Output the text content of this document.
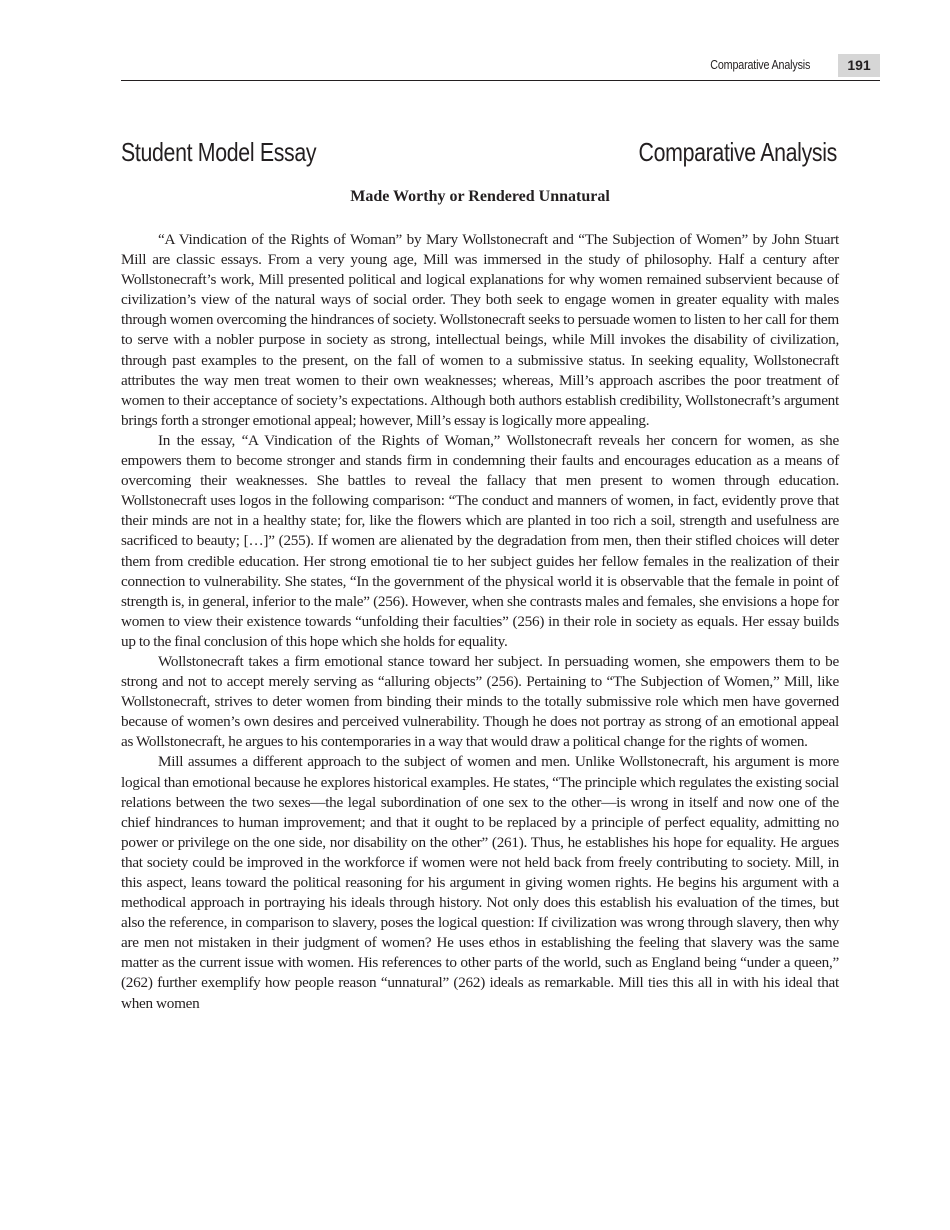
Comparative Analysis	191
Student Model Essay	Comparative Analysis
Made Worthy or Rendered Unnatural

“A Vindication of the Rights of Woman” by Mary Wollstonecraft and “The Subjection of Women” by John Stuart Mill are classic essays. From a very young age, Mill was immersed in the study of philosophy. Half a century after Wollstonecraft’s work, Mill presented political and logical explanations for why women remained subservient because of civilization’s view of the natural ways of social order. They both seek to engage women in greater equality with males through women overcoming the hindrances of society. Wollstonecraft seeks to persuade women to listen to her call for them to serve with a nobler purpose in society as strong, intellectual beings, while Mill invokes the disability of civilization, through past examples to the present, on the fall of women to a submissive status. In seeking equality, Wollstonecraft attributes the way men treat women to their own weaknesses; whereas, Mill’s approach ascribes the poor treatment of women to their acceptance of society’s expectations. Although both authors establish credibility, Wollstonecraft’s argument brings forth a stronger emotional appeal; however, Mill’s essay is logically more appealing.

In the essay, “A Vindication of the Rights of Woman,” Wollstonecraft reveals her concern for women, as she empowers them to become stronger and stands firm in condemning their faults and encourages education as a means of overcoming their weaknesses. She battles to reveal the fallacy that men present to women through education. Wollstonecraft uses logos in the following comparison: “The conduct and manners of women, in fact, evidently prove that their minds are not in a healthy state; for, like the flowers which are planted in too rich a soil, strength and usefulness are sacrificed to beauty; […]” (255). If women are alienated by the degradation from men, then their stifled choices will deter them from credible education. Her strong emotional tie to her subject guides her fellow females in the realization of their connection to vulnerability. She states, “In the government of the physical world it is observable that the female in point of strength is, in general, inferior to the male” (256). However, when she contrasts males and females, she envisions a hope for women to view their existence towards “unfolding their faculties” (256) in their role in society as equals. Her essay builds up to the final conclusion of this hope which she holds for equality.

Wollstonecraft takes a firm emotional stance toward her subject. In persuading women, she empowers them to be strong and not to accept merely serving as “alluring objects” (256). Pertaining to “The Subjection of Women,” Mill, like Wollstonecraft, strives to deter women from binding their minds to the totally submissive role which men have governed because of women’s own desires and perceived vulnerability. Though he does not portray as strong of an emotional appeal as Wollstonecraft, he argues to his contemporaries in a way that would draw a political change for the rights of women.

Mill assumes a different approach to the subject of women and men. Unlike Wollstonecraft, his argument is more logical than emotional because he explores historical examples. He states, “The principle which regulates the existing social relations between the two sexes—the legal subordination of one sex to the other—is wrong in itself and now one of the chief hindrances to human improvement; and that it ought to be replaced by a principle of perfect equality, admitting no power or privilege on the one side, nor disability on the other” (261). Thus, he establishes his hope for equality. He argues that society could be improved in the workforce if women were not held back from freely contributing to society. Mill, in this aspect, leans toward the political reasoning for his argument in giving women rights. He begins his argument with a methodical approach in portraying his ideals through history. Not only does this establish his evaluation of the times, but also the reference, in comparison to slavery, poses the logical question: If civilization was wrong through slavery, then why are men not mistaken in their judgment of women? He uses ethos in establishing the feeling that slavery was the same matter as the current issue with women. His references to other parts of the world, such as England being “under a queen,” (262) further exemplify how people reason “unnatural” (262) ideals as remarkable. Mill ties this all in with his ideal that when women
